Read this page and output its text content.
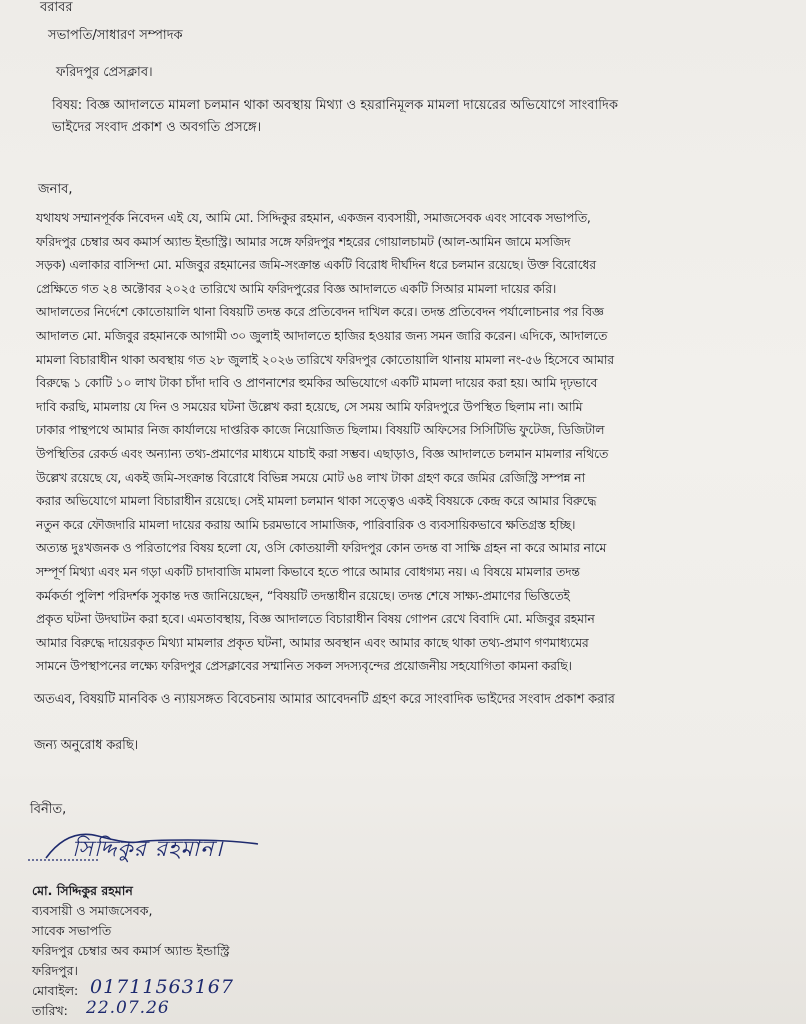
বরাবর
সভাপতি/সাধারণ সম্পাদক
ফরিদপুর প্রেসক্লাব।
বিষয়: বিজ্ঞ আদালতে মামলা চলমান থাকা অবস্থায় মিথ্যা ও হয়রানিমূলক মামলা দায়েরের অভিযোগে সাংবাদিক
ভাইদের সংবাদ প্রকাশ ও অবগতি প্রসঙ্গে।
জনাব,
যথাযথ সম্মানপূর্বক নিবেদন এই যে, আমি মো. সিদ্দিকুর রহমান, একজন ব্যবসায়ী, সমাজসেবক এবং সাবেক সভাপতি,
ফরিদপুর চেম্বার অব কমার্স অ্যান্ড ইন্ডাস্ট্রি। আমার সঙ্গে ফরিদপুর শহরের গোয়ালচামট (আল-আমিন জামে মসজিদ
সড়ক) এলাকার বাসিন্দা মো. মজিবুর রহমানের জমি-সংক্রান্ত একটি বিরোধ দীর্ঘদিন ধরে চলমান রয়েছে। উক্ত বিরোধের
প্রেক্ষিতে গত ২৪ অক্টোবর ২০২৫ তারিখে আমি ফরিদপুরের বিজ্ঞ আদালতে একটি সিআর মামলা দায়ের করি।
আদালতের নির্দেশে কোতোয়ালি থানা বিষয়টি তদন্ত করে প্রতিবেদন দাখিল করে। তদন্ত প্রতিবেদন পর্যালোচনার পর বিজ্ঞ
আদালত মো. মজিবুর রহমানকে আগামী ৩০ জুলাই আদালতে হাজির হওয়ার জন্য সমন জারি করেন। এদিকে, আদালতে
মামলা বিচারাধীন থাকা অবস্থায় গত ২৮ জুলাই ২০২৬ তারিখে ফরিদপুর কোতোয়ালি থানায় মামলা নং-৫৬ হিসেবে আমার
বিরুদ্ধে ১ কোটি ১০ লাখ টাকা চাঁদা দাবি ও প্রাণনাশের হুমকির অভিযোগে একটি মামলা দায়ের করা হয়। আমি দৃঢ়ভাবে
দাবি করছি, মামলায় যে দিন ও সময়ের ঘটনা উল্লেখ করা হয়েছে, সে সময় আমি ফরিদপুরে উপস্থিত ছিলাম না। আমি
ঢাকার পান্থপথে আমার নিজ কার্যালয়ে দাপ্তরিক কাজে নিয়োজিত ছিলাম। বিষয়টি অফিসের সিসিটিভি ফুটেজ, ডিজিটাল
উপস্থিতির রেকর্ড এবং অন্যান্য তথ্য-প্রমাণের মাধ্যমে যাচাই করা সম্ভব। এছাড়াও, বিজ্ঞ আদালতে চলমান মামলার নথিতে
উল্লেখ রয়েছে যে, একই জমি-সংক্রান্ত বিরোধে বিভিন্ন সময়ে মোট ৬৪ লাখ টাকা গ্রহণ করে জমির রেজিস্ট্রি সম্পন্ন না
করার অভিযোগে মামলা বিচারাধীন রয়েছে। সেই মামলা চলমান থাকা সত্ত্বেও একই বিষয়কে কেন্দ্র করে আমার বিরুদ্ধে
নতুন করে ফৌজদারি মামলা দায়ের করায় আমি চরমভাবে সামাজিক, পারিবারিক ও ব্যবসায়িকভাবে ক্ষতিগ্রস্ত হচ্ছি।
অত্যন্ত দুঃখজনক ও পরিতাপের বিষয় হলো যে, ওসি কোতয়ালী ফরিদপুর কোন তদন্ত বা সাক্ষি গ্রহন না করে আমার নামে
সম্পূর্ণ মিথ্যা এবং মন গড়া একটি চাদাবাজি মামলা কিভাবে হতে পারে আমার বোধগম্য নয়। এ বিষয়ে মামলার তদন্ত
কর্মকর্তা পুলিশ পরিদর্শক সুকান্ত দত্ত জানিয়েছেন, “বিষয়টি তদন্তাধীন রয়েছে। তদন্ত শেষে সাক্ষ্য-প্রমাণের ভিত্তিতেই
প্রকৃত ঘটনা উদঘাটন করা হবে। এমতাবস্থায়, বিজ্ঞ আদালতে বিচারাধীন বিষয় গোপন রেখে বিবাদি মো. মজিবুর রহমান
আমার বিরুদ্ধে দায়েরকৃত মিথ্যা মামলার প্রকৃত ঘটনা, আমার অবস্থান এবং আমার কাছে থাকা তথ্য-প্রমাণ গণমাধ্যমের
সামনে উপস্থাপনের লক্ষ্যে ফরিদপুর প্রেসক্লাবের সম্মানিত সকল সদস্যবৃন্দের প্রয়োজনীয় সহযোগিতা কামনা করছি।
অতএব, বিষয়টি মানবিক ও ন্যায়সঙ্গত বিবেচনায় আমার আবেদনটি গ্রহণ করে সাংবাদিক ভাইদের সংবাদ প্রকাশ করার
জন্য অনুরোধ করছি।
বিনীত,
সিদ্দিকুর রহমান।
মো. সিদ্দিকুর রহমান
ব্যবসায়ী ও সমাজসেবক,
সাবেক সভাপতি
ফরিদপুর চেম্বার অব কমার্স অ্যান্ড ইন্ডাস্ট্রি
ফরিদপুর।
মোবাইল: 01711563167
তারিখ: 22.07.26
